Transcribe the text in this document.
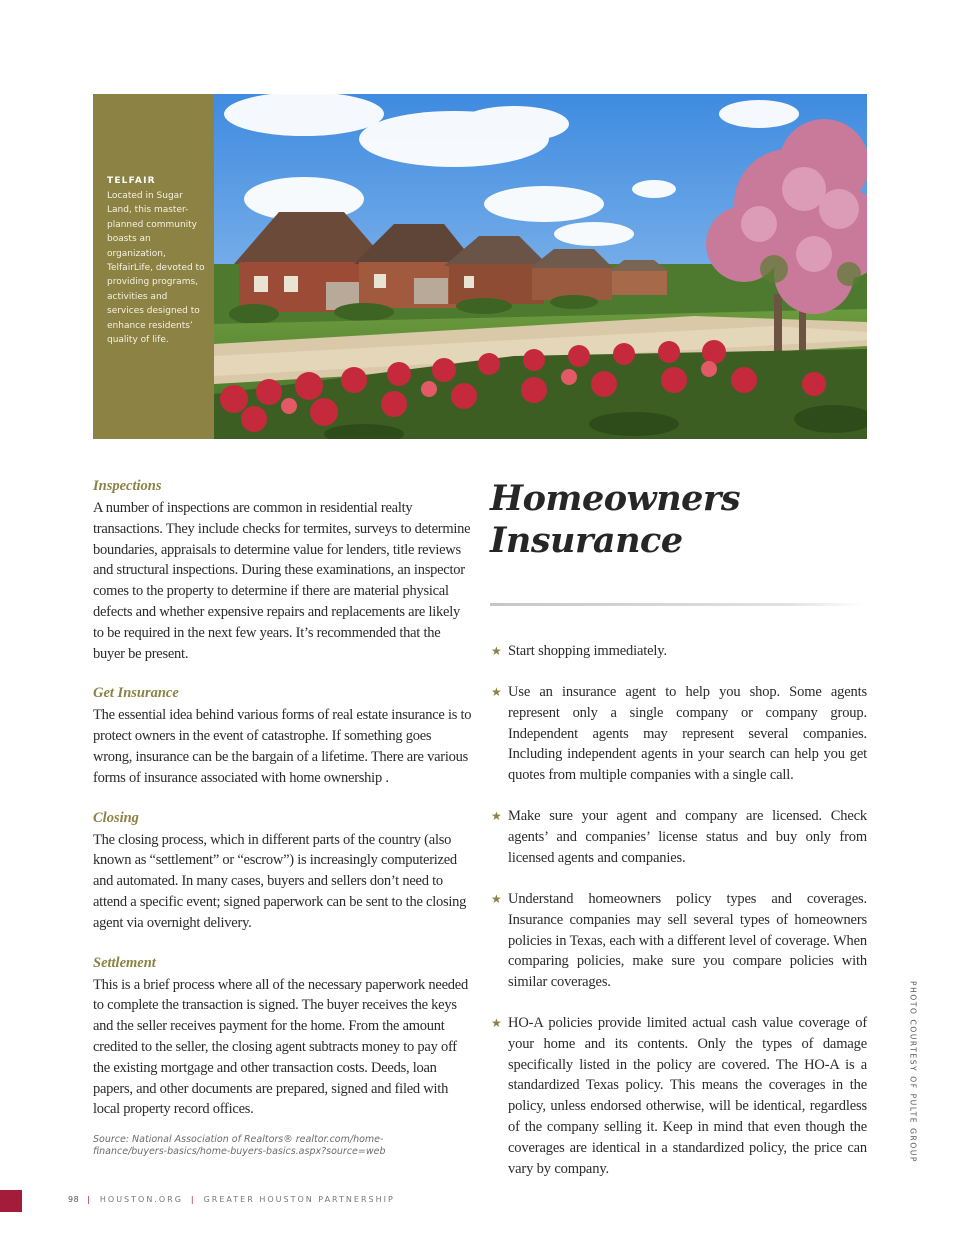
TELFAIR
Located in Sugar Land, this master-planned community boasts an organization, TelfairLife, devoted to providing programs, activities and services designed to enhance residents’ quality of life.
Inspections

A number of inspections are common in residential realty transactions. They include checks for termites, surveys to determine boundaries, appraisals to determine value for lenders, title reviews and structural inspections. During these examinations, an inspector comes to the property to determine if there are material physical defects and whether expensive repairs and replacements are likely to be required in the next few years. It’s recommended that the buyer be present.

Get Insurance

The essential idea behind various forms of real estate insurance is to protect owners in the event of catastrophe. If something goes wrong, insurance can be the bargain of a lifetime. There are various forms of insurance associated with home ownership .

Closing

The closing process, which in different parts of the country (also known as “settlement” or “escrow”) is increasingly computerized and automated. In many cases, buyers and sellers don’t need to attend a specific event; signed paperwork can be sent to the closing agent via overnight delivery.

Settlement

This is a brief process where all of the necessary paperwork needed to complete the transaction is signed. The buyer receives the keys and the seller receives payment for the home. From the amount credited to the seller, the closing agent subtracts money to pay off the existing mortgage and other transaction costs. Deeds, loan papers, and other documents are prepared, signed and filed with local property record offices.

Source: National Association of Realtors® realtor.com/home-finance/buyers-basics/home-buyers-basics.aspx?source=web
Homeowners
Insurance
★ Start shopping immediately.
★ Use an insurance agent to help you shop. Some agents represent only a single company or company group. Independent agents may represent several companies. Including independent agents in your search can help you get quotes from multiple companies with a single call.
★ Make sure your agent and company are licensed. Check agents’ and companies’ license status and buy only from licensed agents and companies.
★ Understand homeowners policy types and coverages. Insurance companies may sell several types of homeowners policies in Texas, each with a different level of coverage. When comparing policies, make sure you compare policies with similar coverages.
★ HO-A policies provide limited actual cash value coverage of your home and its contents. Only the types of damage specifically listed in the policy are covered. The HO-A is a standardized Texas policy. This means the coverages in the policy, unless endorsed otherwise, will be identical, regardless of the company selling it. Keep in mind that even though the coverages are identical in a standardized policy, the price can vary by company.
PHOTO COURTESY OF PULTE GROUP
98 | HOUSTON.ORG | GREATER HOUSTON PARTNERSHIP
